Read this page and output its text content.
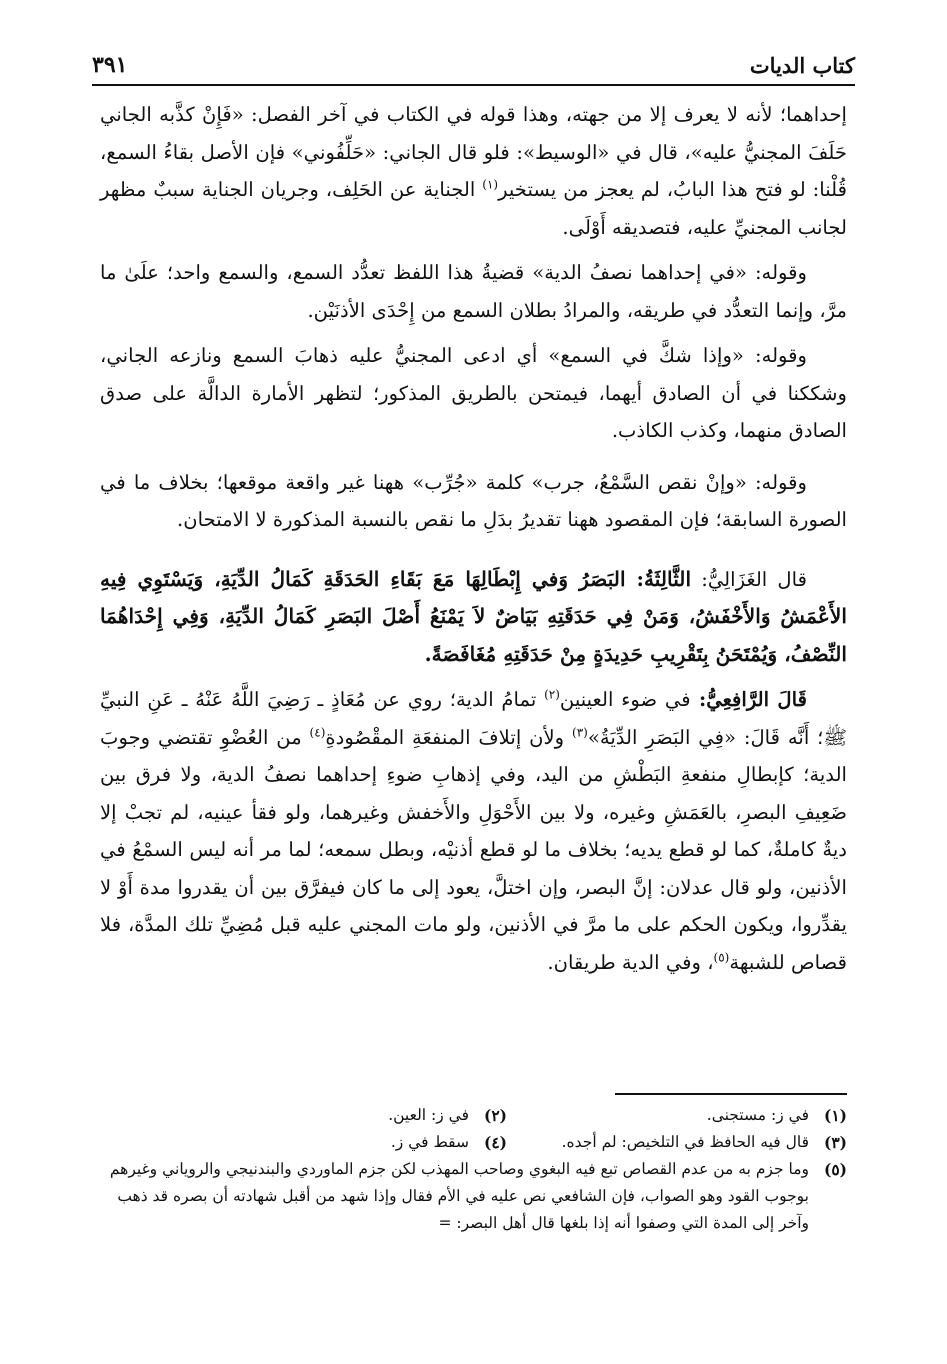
كتاب الديات
٣٩١

إحداهما؛ لأنه لا يعرف إلا من جهته، وهذا قوله في الكتاب في آخر الفصل: «فَإِنْ كذَّبه الجاني حَلَفَ المجنيُّ عليه»، قال في «الوسيط»: فلو قال الجاني: «حَلِّفُوني» فإن الأصل بقاءُ السمع، قُلْنا: لو فتح هذا البابُ، لم يعجز من يستخير$^{(١)}$ الجناية عن الحَلِف، وجريان الجناية سببٌ مظهر لجانب المجنيِّ عليه، فتصديقه أَوْلَى.

وقوله: «في إحداهما نصفُ الدية» قضيةُ هذا اللفظ تعدُّد السمع، والسمع واحد؛ علَىٰ ما مرَّ، وإنما التعدُّد في طريقه، والمرادُ بطلان السمع من إِحْدَى الأذنَيْن.

وقوله: «وإذا شكَّ في السمع» أي ادعى المجنيُّ عليه ذهابَ السمع ونازعه الجاني، وشككنا في أن الصادق أيهما، فيمتحن بالطريق المذكور؛ لتظهر الأمارة الدالَّة على صدق الصادق منهما، وكذب الكاذب.

وقوله: «وإنْ نقص السَّمْعُ، جرب» كلمة «جُرِّب» ههنا غير واقعة موقعها؛ بخلاف ما في الصورة السابقة؛ فإن المقصود ههنا تقديرُ بدَلِ ما نقص بالنسبة المذكورة لا الامتحان.

قال الغَزَالِيُّ: الثَّالِثَةُ: البَصَرُ وَفي إِبْطَالِهَا مَعَ بَقَاءِ الحَدَقَةِ كَمَالُ الدِّيَةِ، وَيَسْتَوِي فِيهِ الأَعْمَشُ وَالأَخْفَشُ، وَمَنْ فِي حَدَقَتِهِ بَيَاضٌ لاَ يَمْنَعُ أَصْلَ البَصَرِ كَمَالُ الدِّيَةِ، وَفِي إِحْدَاهُمَا النِّصْفُ، وَيُمْتَحَنُ بِتَقْرِيبِ حَدِيدَةٍ مِنْ حَدَقَتِهِ مُغَافَصَةً.

قَالَ الرَّافِعِيُّ: في ضوء العينين$^{(٢)}$ تمامُ الدية؛ روي عن مُعَاذٍ ـ رَضِيَ اللَّهُ عَنْهُ ـ عَنِ النبيِّ ﷺ؛ أَنَّه قَالَ: «فِي البَصَرِ الدِّيَةُ»$^{(٣)}$ ولأن إتلافَ المنفعَةِ المقْصُودةِ$^{(٤)}$ من العُضْوِ تقتضي وجوبَ الدية؛ كإبطالِ منفعةِ البَطْشِ من اليد، وفي إذهابِ ضوءِ إحداهما نصفُ الدية، ولا فرق بين ضَعِيفِ البصرِ، بالعَمَشِ وغيره، ولا بين الأَحْوَلِ والأَخفش وغيرهما، ولو فقأ عينيه، لم تجبْ إلا ديةٌ كاملةٌ، كما لو قطع يديه؛ بخلاف ما لو قطع أذنيْه، وبطل سمعه؛ لما مر أنه ليس السمْعُ في الأذنين، ولو قال عدلان: إنَّ البصر، وإن اختلَّ، يعود إلى ما كان فيفرَّق بين أن يقدروا مدة أَوْ لا يقدِّروا، ويكون الحكم على ما مرَّ في الأذنين، ولو مات المجني عليه قبل مُضِيِّ تلك المدَّة، فلا قصاص للشبهة$^{(٥)}$، وفي الدية طريقان.

(١)
في ز: مستجنى.
(٢)
في ز: العين.
(٣)
قال فيه الحافظ في التلخيص: لم أجده.
(٤)
سقط في ز.
(٥)
وما جزم به من عدم القصاص تبع فيه البغوي وصاحب المهذب لكن جزم الماوردي والبندنيجي والروياني وغيرهم بوجوب القود وهو الصواب، فإن الشافعي نص عليه في الأم فقال وإذا شهد من أقبل شهادته أن بصره قد ذهب وآخر إلى المدة التي وصفوا أنه إذا بلغها قال أهل البصر: =
